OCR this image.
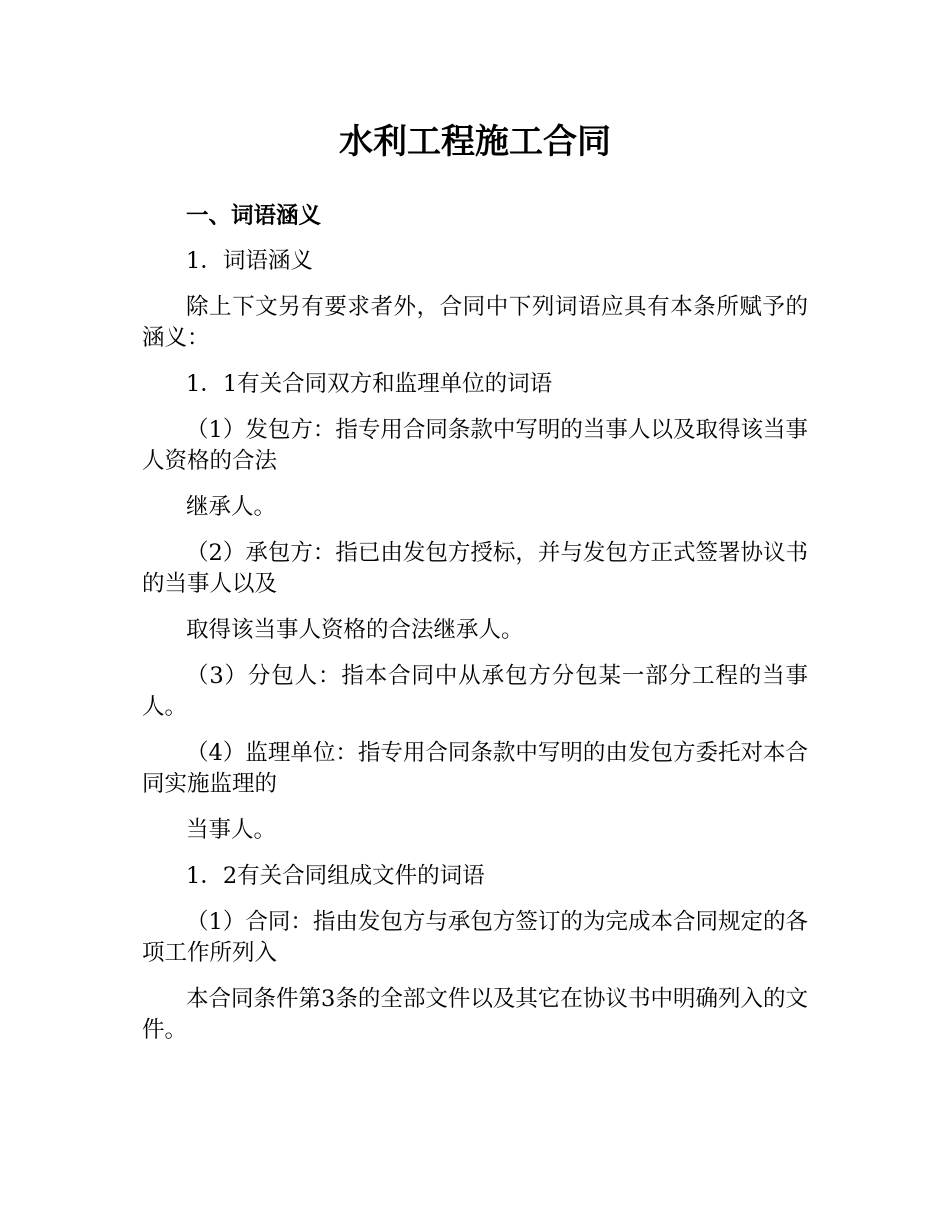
水利工程施工合同

一、词语涵义

1．词语涵义

除上下文另有要求者外，合同中下列词语应具有本条所赋予的涵义：

1．1有关合同双方和监理单位的词语

（1）发包方：指专用合同条款中写明的当事人以及取得该当事人资格的合法

继承人。

（2）承包方：指已由发包方授标，并与发包方正式签署协议书的当事人以及

取得该当事人资格的合法继承人。

（3）分包人：指本合同中从承包方分包某一部分工程的当事人。

（4）监理单位：指专用合同条款中写明的由发包方委托对本合同实施监理的

当事人。

1．2有关合同组成文件的词语

（1）合同：指由发包方与承包方签订的为完成本合同规定的各项工作所列入

本合同条件第3条的全部文件以及其它在协议书中明确列入的文件。
